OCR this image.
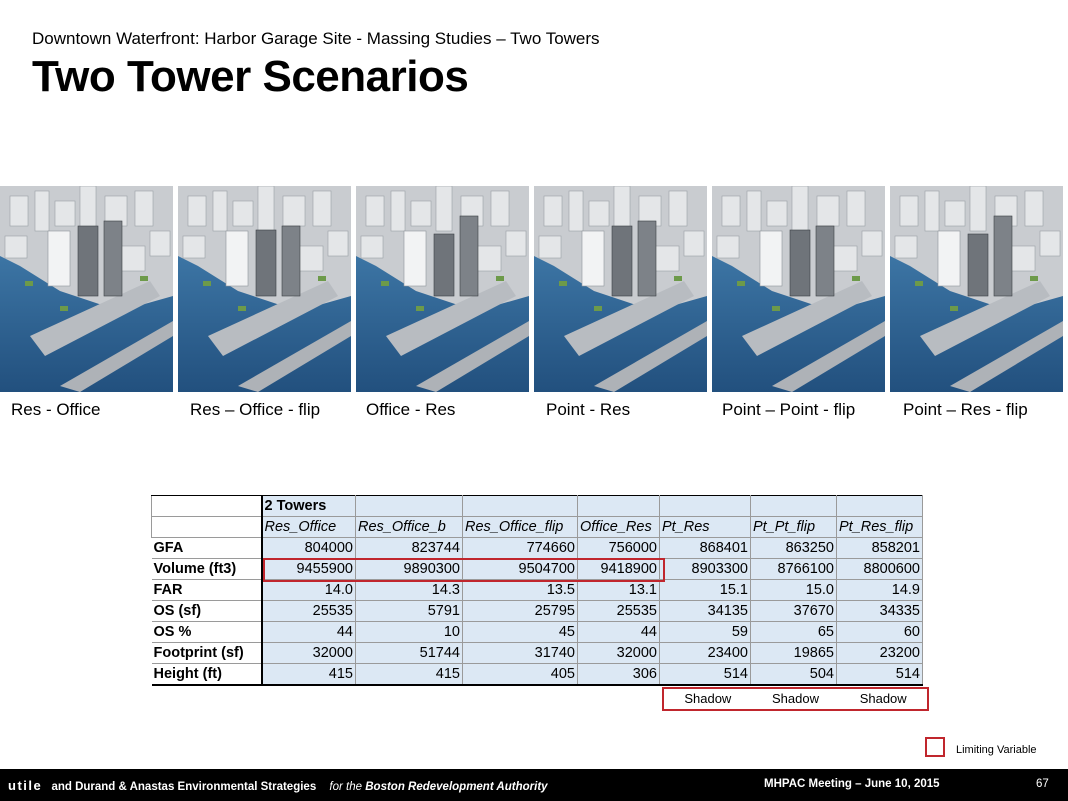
Downtown Waterfront: Harbor Garage Site - Massing Studies – Two Towers
Two Tower Scenarios
Res - Office	Res – Office - flip	Office - Res	Point - Res	Point – Point - flip	Point – Res - flip
	2 Towers						
	Res_Office	Res_Office_b	Res_Office_flip	Office_Res	Pt_Res	Pt_Pt_flip	Pt_Res_flip
GFA	804000	823744	774660	756000	868401	863250	858201
Volume (ft3)	9455900	9890300	9504700	9418900	8903300	8766100	8800600
FAR	14.0	14.3	13.5	13.1	15.1	15.0	14.9
OS (sf)	25535	5791	25795	25535	34135	37670	34335
OS %	44	10	45	44	59	65	60
Footprint (sf)	32000	51744	31740	32000	23400	19865	23200
Height (ft)	415	415	405	306	514	504	514
Shadow	Shadow	Shadow
Limiting Variable
utile and Durand & Anastas Environmental Strategies for the Boston Redevelopment Authority	MHPAC Meeting – June 10, 2015	67
